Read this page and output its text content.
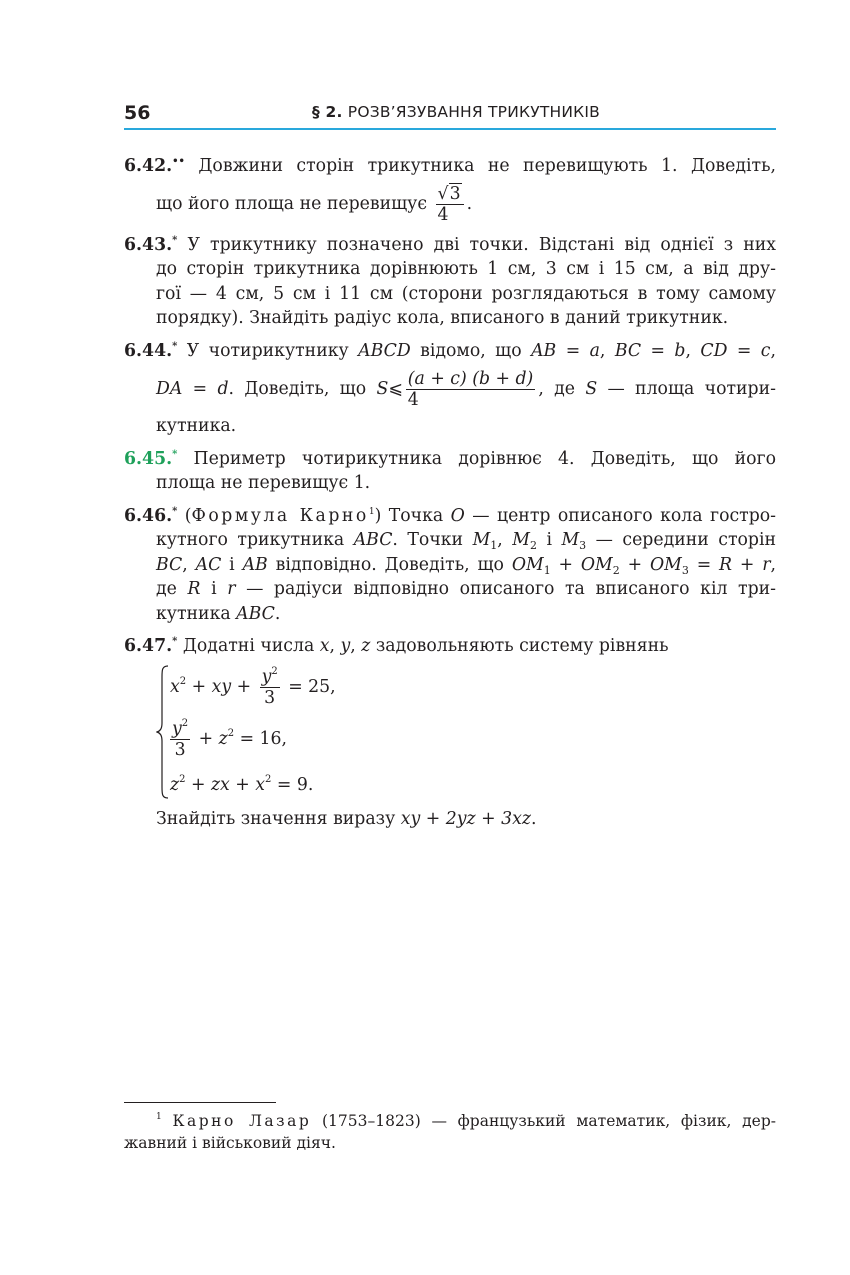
56	§ 2. РОЗВ’ЯЗУВАННЯ ТРИКУТНИКІВ
6.42.•• Довжини сторін трикутника не перевищують 1. Доведіть,
що його площа не перевищує $\frac{√3}{4}$ .
6.43.* У трикутнику позначено дві точки. Відстані від однієї з них
до сторін трикутника дорівнюють 1 см, 3 см і 15 см, а від дру-
гої — 4 см, 5 см і 11 см (сторони розглядаються в тому самому
порядку). Знайдіть радіус кола, вписаного в даний трикутник.
6.44.* У чотирикутнику ABCD відомо, що AB = a, BC = b, CD = c,
DA = d. Доведіть, що S⩽ $\frac{(a + c) (b + d)}{4}$ , де S — площа чотири-
кутника.
6.45.* Периметр чотирикутника дорівнює 4. Доведіть, що його
площа не перевищує 1.
6.46.* (Формула Карно$^1$) Точка O — центр описаного кола гостро-
кутного трикутника ABC. Точки $M_1$, $M_2$ і $M_3$ — середини сторін
BC, AC і AB відповідно. Доведіть, що $OM_1 + OM_2 + OM_3 = R + r$,
де R і r — радіуси відповідно описаного та вписаного кіл три-
кутника ABC.
6.47.* Додатні числа x, y, z задовольняють систему рівнянь
$x^2$ + xy + $\frac{y^2}{3} = 25$,
$\frac{y^2}{3} + z^2 = 16$,
$z^2$ + zx + $x^2 = 9$.
Знайдіть значення виразу xy + 2yz + 3xz.
$^1$ Карно Лазар (1753–1823) — французький математик, фізик, дер-
жавний і військовий діяч.
